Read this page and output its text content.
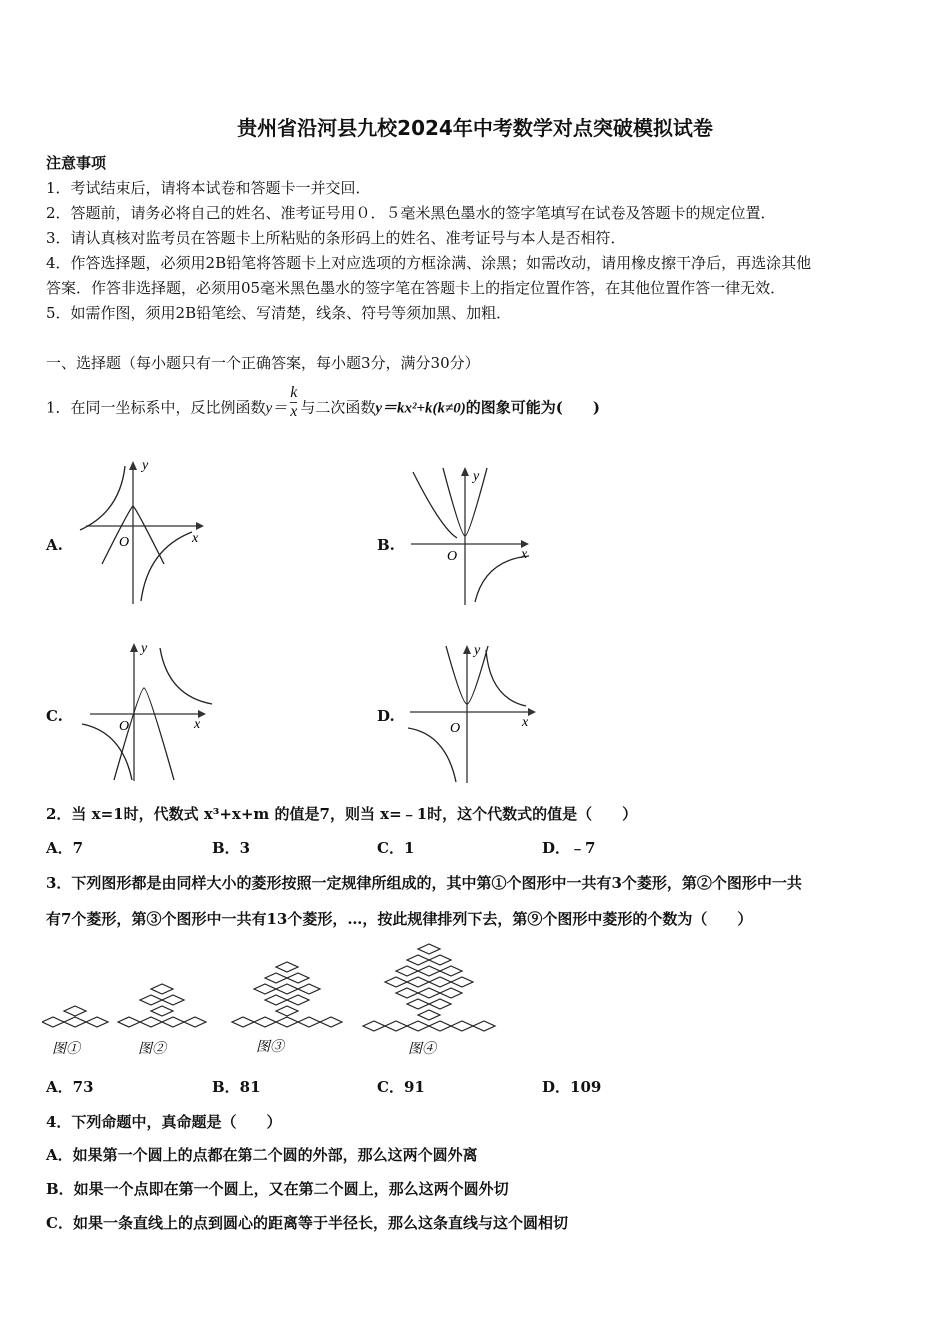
贵州省沿河县九校2024年中考数学对点突破模拟试卷
注意事项
1．考试结束后，请将本试卷和答题卡一并交回．
2．答题前，请务必将自己的姓名、准考证号用０．５毫米黑色墨水的签字笔填写在试卷及答题卡的规定位置．
3．请认真核对监考员在答题卡上所粘贴的条形码上的姓名、准考证号与本人是否相符．
4．作答选择题，必须用2B铅笔将答题卡上对应选项的方框涂满、涂黑；如需改动，请用橡皮擦干净后，再选涂其他
答案．作答非选择题，必须用05毫米黑色墨水的签字笔在答题卡上的指定位置作答，在其他位置作答一律无效．
5．如需作图，须用2B铅笔绘、写清楚，线条、符号等须加黑、加粗．
一、选择题（每小题只有一个正确答案，每小题3分，满分30分）
1．在同一坐标系中，反比例函数$y= \frac{k}{x}$ 与二次函数y＝kx²+k(k≠0)的图象可能为(　　)
A.	B.
C.	D.
y
x
O
y
x
O
y
x
O
y
x
O
2．当 x=1时，代数式 x³+x+m 的值是7，则当 x=﹣1时，这个代数式的值是（　　）
A．7	B．3	C．1	D．﹣7
3．下列图形都是由同样大小的菱形按照一定规律所组成的，其中第①个图形中一共有3个菱形，第②个图形中一共
有7个菱形，第③个图形中一共有13个菱形，…，按此规律排列下去，第⑨个图形中菱形的个数为（　　）
图①	图②	图③	图④
A．73	B．81	C．91	D．109
4．下列命题中，真命题是（　　）
A．如果第一个圆上的点都在第二个圆的外部，那么这两个圆外离
B．如果一个点即在第一个圆上，又在第二个圆上，那么这两个圆外切
C．如果一条直线上的点到圆心的距离等于半径长，那么这条直线与这个圆相切
